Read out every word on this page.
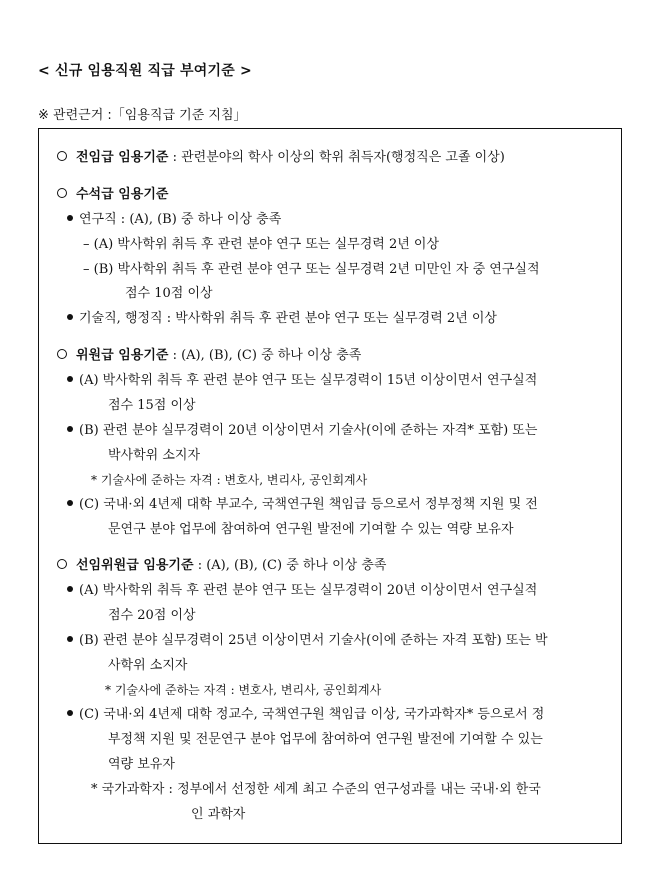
< 신규 임용직원 직급 부여기준 >
※ 관련근거 :「임용직급 기준 지침」
전임급 임용기준 : 관련분야의 학사 이상의 학위 취득자(행정직은 고졸 이상)
수석급 임용기준
연구직 : (A), (B) 중 하나 이상 충족
– (A) 박사학위 취득 후 관련 분야 연구 또는 실무경력 2년 이상
– (B) 박사학위 취득 후 관련 분야 연구 또는 실무경력 2년 미만인 자 중 연구실적
점수 10점 이상
기술직, 행정직 : 박사학위 취득 후 관련 분야 연구 또는 실무경력 2년 이상
위원급 임용기준 : (A), (B), (C) 중 하나 이상 충족
(A) 박사학위 취득 후 관련 분야 연구 또는 실무경력이 15년 이상이면서 연구실적
점수 15점 이상
(B) 관련 분야 실무경력이 20년 이상이면서 기술사(이에 준하는 자격* 포함) 또는
박사학위 소지자
* 기술사에 준하는 자격 : 변호사, 변리사, 공인회계사
(C) 국내·외 4년제 대학 부교수, 국책연구원 책임급 등으로서 정부정책 지원 및 전
문연구 분야 업무에 참여하여 연구원 발전에 기여할 수 있는 역량 보유자
선임위원급 임용기준 : (A), (B), (C) 중 하나 이상 충족
(A) 박사학위 취득 후 관련 분야 연구 또는 실무경력이 20년 이상이면서 연구실적
점수 20점 이상
(B) 관련 분야 실무경력이 25년 이상이면서 기술사(이에 준하는 자격 포함) 또는 박
사학위 소지자
* 기술사에 준하는 자격 : 변호사, 변리사, 공인회계사
(C) 국내·외 4년제 대학 정교수, 국책연구원 책임급 이상, 국가과학자* 등으로서 정
부정책 지원 및 전문연구 분야 업무에 참여하여 연구원 발전에 기여할 수 있는
역량 보유자
* 국가과학자 : 정부에서 선정한 세계 최고 수준의 연구성과를 내는 국내·외 한국
인 과학자
